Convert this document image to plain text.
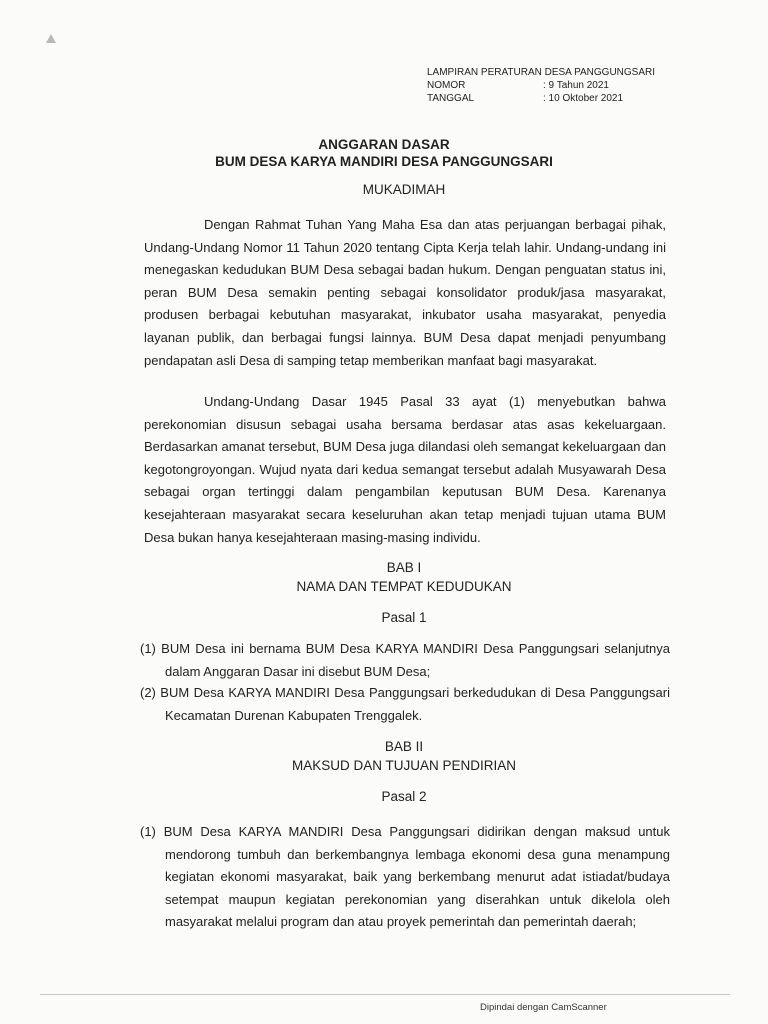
LAMPIRAN PERATURAN DESA PANGGUNGSARI
NOMOR	: 9 Tahun 2021
TANGGAL	: 10 Oktober 2021
ANGGARAN DASAR
BUM DESA KARYA MANDIRI DESA PANGGUNGSARI
MUKADIMAH
Dengan Rahmat Tuhan Yang Maha Esa dan atas perjuangan berbagai pihak, Undang-Undang Nomor 11 Tahun 2020 tentang Cipta Kerja telah lahir. Undang-undang ini menegaskan kedudukan BUM Desa sebagai badan hukum. Dengan penguatan status ini, peran BUM Desa semakin penting sebagai konsolidator produk/jasa masyarakat, produsen berbagai kebutuhan masyarakat, inkubator usaha masyarakat, penyedia layanan publik, dan berbagai fungsi lainnya. BUM Desa dapat menjadi penyumbang pendapatan asli Desa di samping tetap memberikan manfaat bagi masyarakat.
Undang-Undang Dasar 1945 Pasal 33 ayat (1) menyebutkan bahwa perekonomian disusun sebagai usaha bersama berdasar atas asas kekeluargaan. Berdasarkan amanat tersebut, BUM Desa juga dilandasi oleh semangat kekeluargaan dan kegotongroyongan. Wujud nyata dari kedua semangat tersebut adalah Musyawarah Desa sebagai organ tertinggi dalam pengambilan keputusan BUM Desa. Karenanya kesejahteraan masyarakat secara keseluruhan akan tetap menjadi tujuan utama BUM Desa bukan hanya kesejahteraan masing-masing individu.
BAB I
NAMA DAN TEMPAT KEDUDUKAN
Pasal 1
(1) BUM Desa ini bernama BUM Desa KARYA MANDIRI Desa Panggungsari selanjutnya dalam Anggaran Dasar ini disebut BUM Desa;
(2) BUM Desa KARYA MANDIRI Desa Panggungsari berkedudukan di Desa Panggungsari Kecamatan Durenan Kabupaten Trenggalek.
BAB II
MAKSUD DAN TUJUAN PENDIRIAN
Pasal 2
(1) BUM Desa KARYA MANDIRI Desa Panggungsari didirikan dengan maksud untuk mendorong tumbuh dan berkembangnya lembaga ekonomi desa guna menampung kegiatan ekonomi masyarakat, baik yang berkembang menurut adat istiadat/budaya setempat maupun kegiatan perekonomian yang diserahkan untuk dikelola oleh masyarakat melalui program dan atau proyek pemerintah dan pemerintah daerah;
Dipindai dengan CamScanner
